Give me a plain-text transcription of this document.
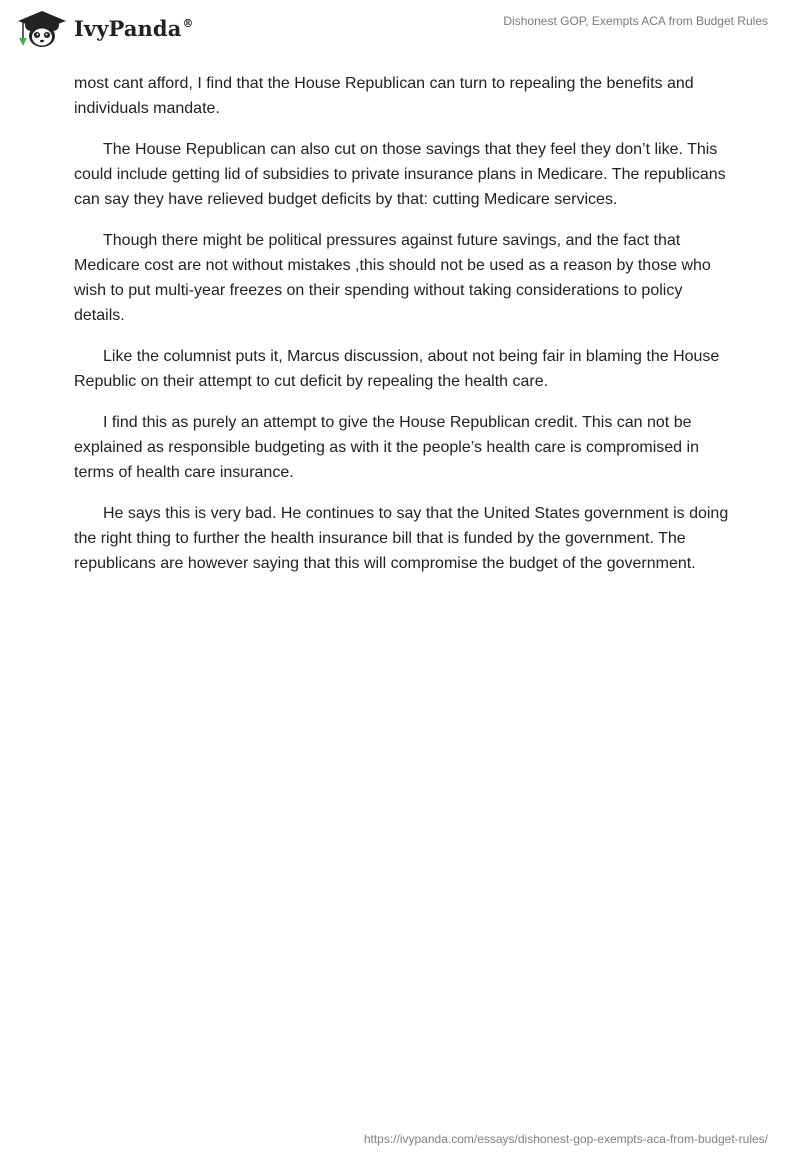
IvyPanda®	Dishonest GOP, Exempts ACA from Budget Rules

most cant afford, I find that the House Republican can turn to repealing the benefits and individuals mandate.

The House Republican can also cut on those savings that they feel they don’t like. This could include getting lid of subsidies to private insurance plans in Medicare. The republicans can say they have relieved budget deficits by that: cutting Medicare services.

Though there might be political pressures against future savings, and the fact that Medicare cost are not without mistakes ,this should not be used as a reason by those who wish to put multi-year freezes on their spending without taking considerations to policy details.

Like the columnist puts it, Marcus discussion, about not being fair in blaming the House Republic on their attempt to cut deficit by repealing the health care.

I find this as purely an attempt to give the House Republican credit. This can not be explained as responsible budgeting as with it the people’s health care is compromised in terms of health care insurance.

He says this is very bad. He continues to say that the United States government is doing the right thing to further the health insurance bill that is funded by the government. The republicans are however saying that this will compromise the budget of the government.

https://ivypanda.com/essays/dishonest-gop-exempts-aca-from-budget-rules/
